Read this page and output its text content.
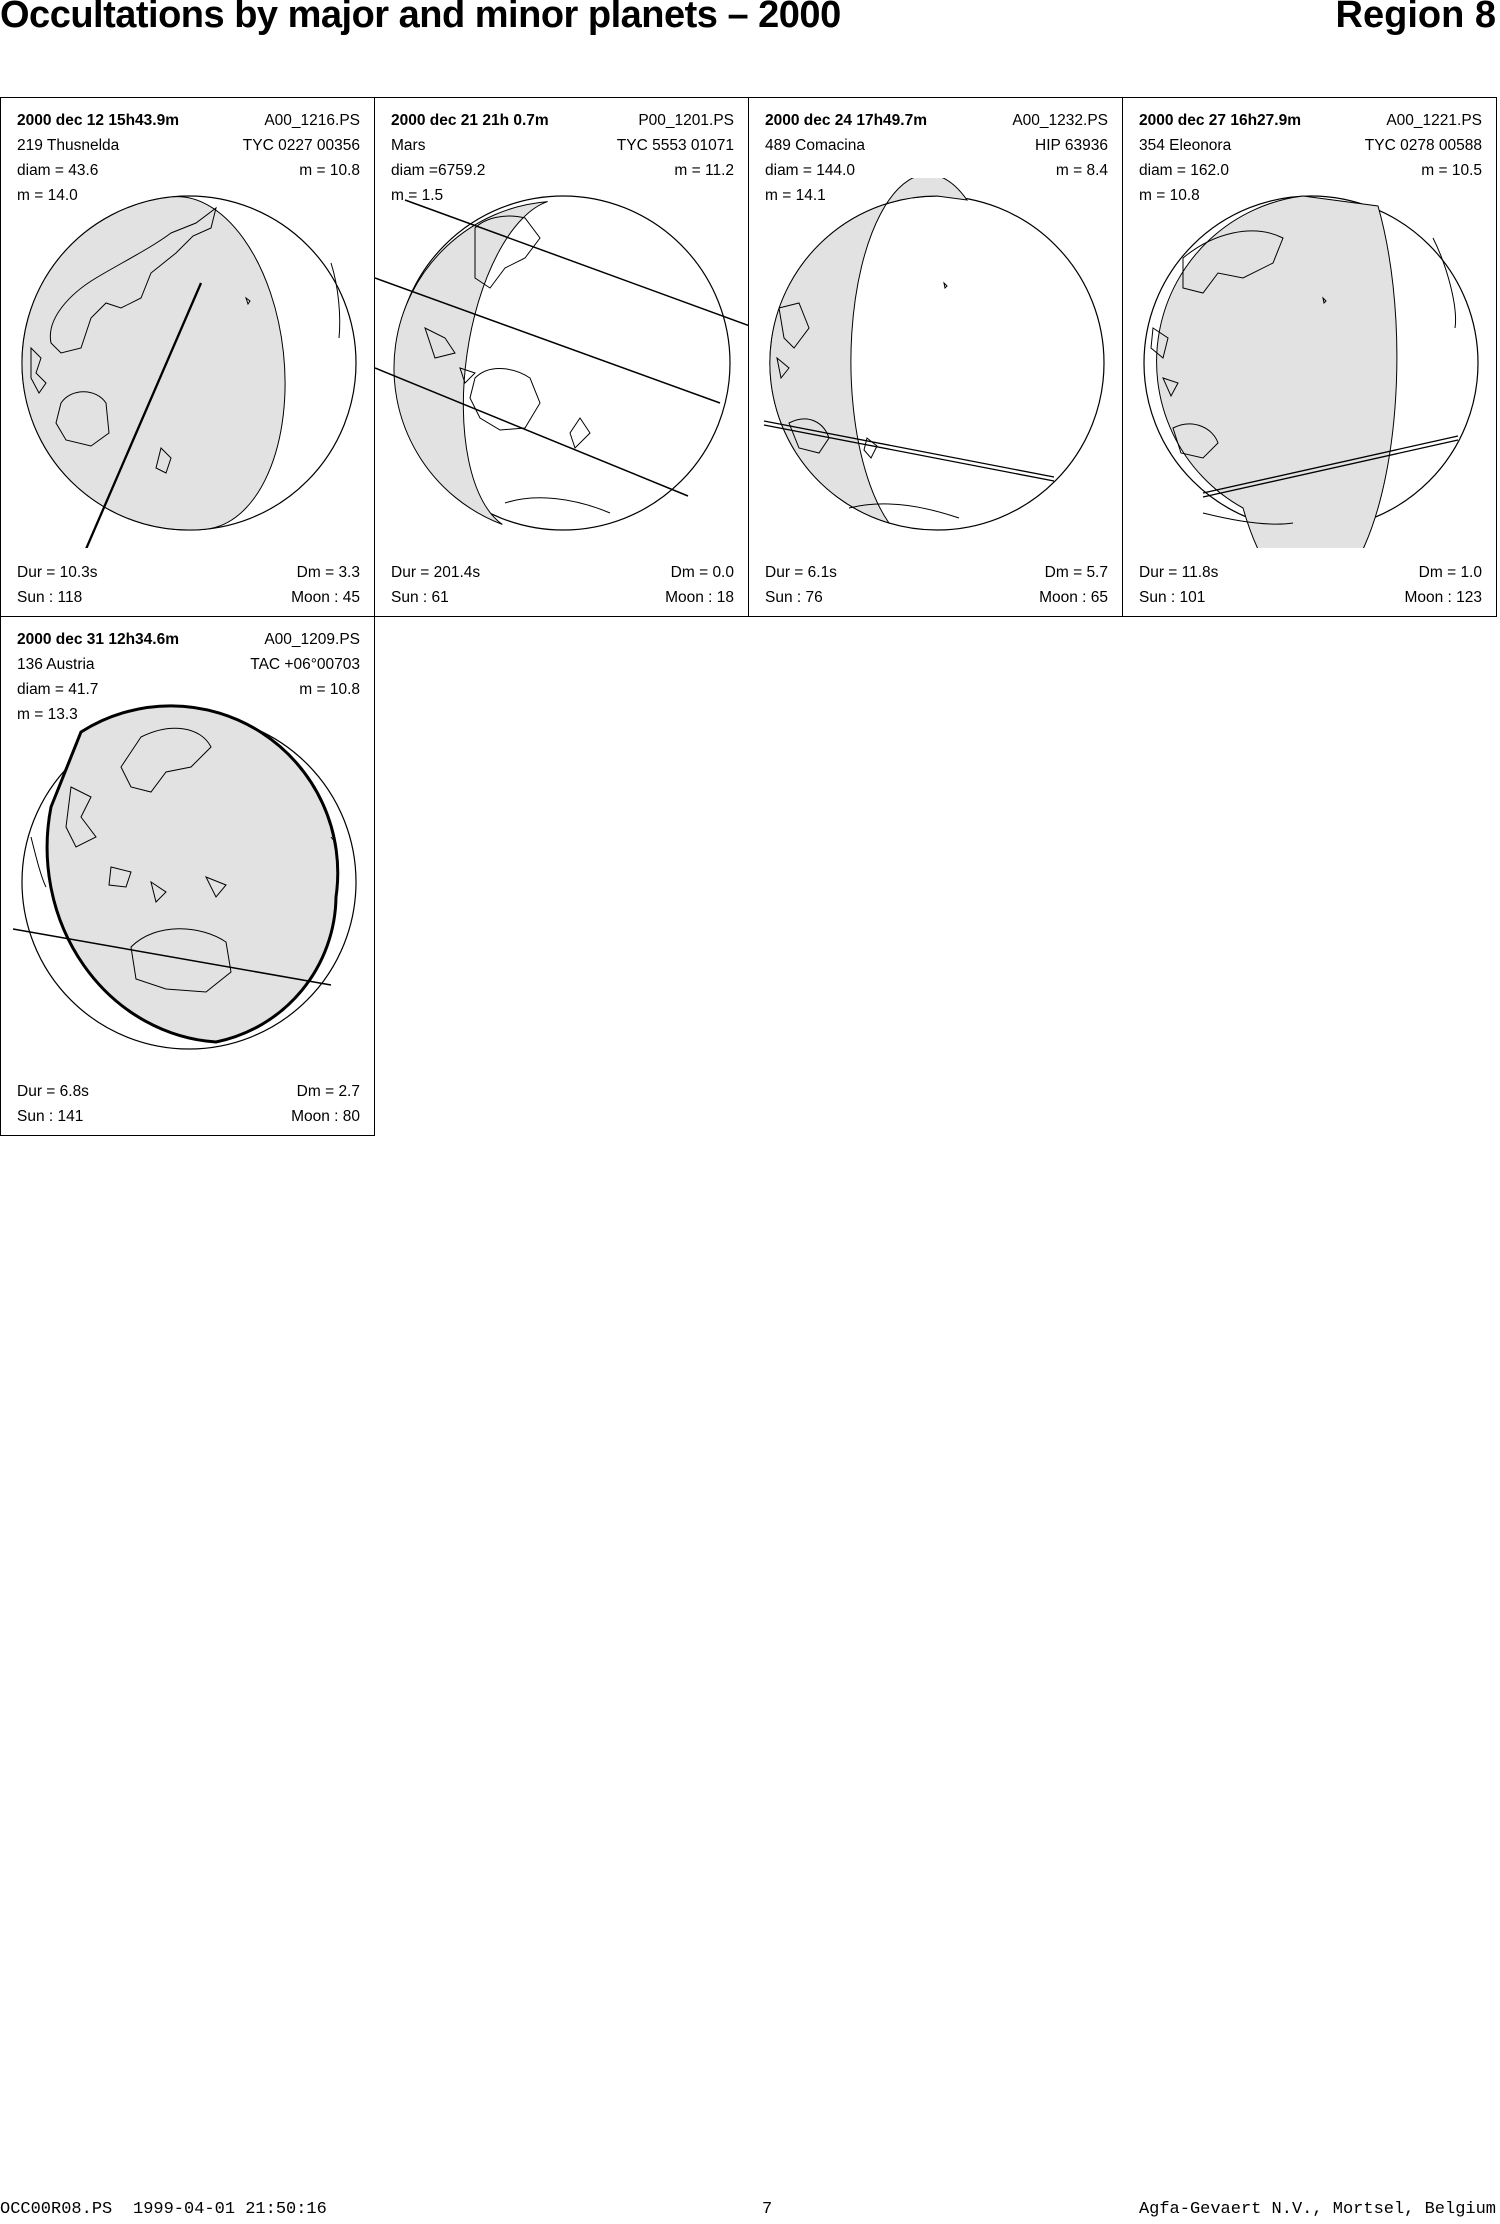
Occultations by major and minor planets – 2000	Region 8
2000 dec 12 15h43.9m	A00_1216.PS
219 Thusnelda	TYC 0227 00356
diam = 43.6	m = 10.8
m = 14.0
Dur = 10.3s	Dm = 3.3
Sun : 118	Moon : 45
2000 dec 21 21h 0.7m	P00_1201.PS
Mars	TYC 5553 01071
diam =6759.2	m = 11.2
m = 1.5
Dur = 201.4s	Dm = 0.0
Sun : 61	Moon : 18
2000 dec 24 17h49.7m	A00_1232.PS
489 Comacina	HIP 63936
diam = 144.0	m = 8.4
m = 14.1
Dur = 6.1s	Dm = 5.7
Sun : 76	Moon : 65
2000 dec 27 16h27.9m	A00_1221.PS
354 Eleonora	TYC 0278 00588
diam = 162.0	m = 10.5
m = 10.8
Dur = 11.8s	Dm = 1.0
Sun : 101	Moon : 123
2000 dec 31 12h34.6m	A00_1209.PS
136 Austria	TAC +06°00703
diam = 41.7	m = 10.8
m = 13.3
Dur = 6.8s	Dm = 2.7
Sun : 141	Moon : 80
OCC00R08.PS 1999-04-01 21:50:16	7	Agfa-Gevaert N.V., Mortsel, Belgium
